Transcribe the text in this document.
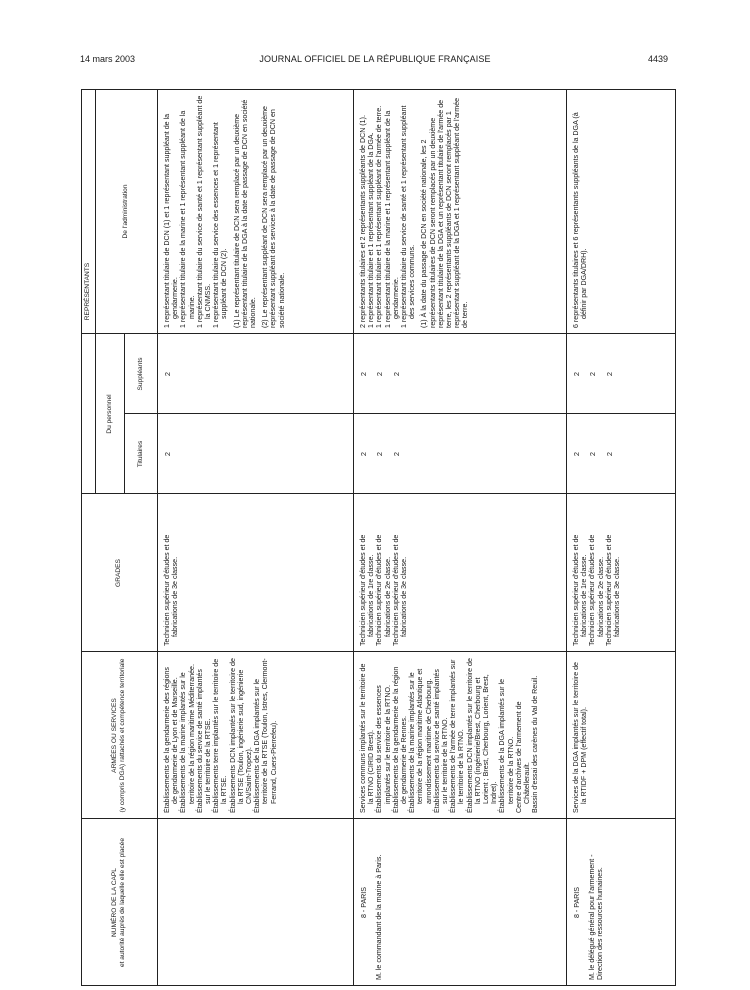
14 mars 2003	JOURNAL OFFICIEL DE LA RÉPUBLIQUE FRANÇAISE	4439
NUMÉRO DE LA CAPL et autorité auprès de laquelle elle est placée
ARMÉES OU SERVICES (y compris DGA) rattachés et compétence territoriale
GRADES
REPRÉSENTANTS
Du personnel
Titulaires
Suppléants
De l'administration
Établissements de la gendarmerie des régions de gendarmerie de Lyon et de Marseille. Établissements de la marine implantés sur le territoire de la région maritime Méditerranée. Établissements du service de santé implantés sur le territoire de la RTSE. Établissements terre implantés sur le territoire de la RTSE. Établissements DCN implantés sur le territoire de la RTSE (Toulon, ingénierie sud, ingénierie CN/Saint-Tropez). Établissements de la DGA implantés sur le territoire de la RTSE (Toulon, Istres, Clermont-Ferrand, Cuers-Pierrefeu).
Technicien supérieur d'études et de fabrications de 3e classe.
2
2
1 représentant titulaire de DCN (1) et 1 représentant suppléant de la gendarmerie. 1 représentant titulaire de la marine et 1 représentant suppléant de la marine. 1 représentant titulaire du service de santé et 1 représentant suppléant de la CNMSS. 1 représentant titulaire du service des essences et 1 représentant suppléant de DCN (2). (1) Le représentant titulaire de DCN sera remplacé par un deuxième représentant titulaire de la DGA à la date de passage de DCN en société nationale. (2) Le représentant suppléant de DCN sera remplacé par un deuxième représentant suppléant des services à la date de passage de DCN en société nationale.
8 - PARIS M. le commandant de la marine à Paris.
Services communs implantés sur le territoire de la RTNO (CIRID Brest). Établissements du service des essences implantés sur le territoire de la RTNO. Établissements de la gendarmerie de la région de gendarmerie de Rennes. Établissements de la marine implantés sur le territoire de la région maritime Atlantique et arrondissement maritime de Cherbourg. Établissements du service de santé implantés sur le territoire de la RTNO. Établissements de l'armée de terre implantés sur le territoire de la RTNO. Établissements DCN implantés sur le territoire de la RTNO (ingénierie/Brest, Cherbourg et Lorient ; Brest, Cherbourg, Lorient, Brest, Indret). Établissements de la DGA implantés sur le territoire de la RTNO. Centre d'archives de l'armement de Châtellerault. Bassin d'essai des carènes du Val de Reuil.
Technicien supérieur d'études et de fabrications de 1re classe. Technicien supérieur d'études et de fabrications de 2e classe. Technicien supérieur d'études et de fabrications de 3e classe.
2 2 2
2 2 2
2 représentants titulaires et 2 représentants suppléants de DCN (1). 1 représentant titulaire et 1 représentant suppléant de la DGA. 1 représentant titulaire et 1 représentant suppléant de l'armée de terre. 1 représentant titulaire de la marine et 1 représentant suppléant de la gendarmerie. 1 représentant titulaire du service de santé et 1 représentant suppléant des services communs. (1) À la date du passage de DCN en société nationale, les 2 représentants titulaires de DCN seront remplacés par un deuxième représentant titulaire de la DGA et un représentant titulaire de l'armée de terre, les 2 représentants suppléants de DCN seront remplacés par 1 représentant suppléant de la DGA et 1 représentant suppléant de l'armée de terre.
8 - PARIS M. le délégué général pour l'armement - Direction des ressources humaines.
Services de la DGA implantés sur le territoire de la RTIDF + DPM (effectif total).
Technicien supérieur d'études et de fabrications de 1re classe. Technicien supérieur d'études et de fabrications de 2e classe. Technicien supérieur d'études et de fabrications de 3e classe.
2 2 2
2 2 2
6 représentants titulaires et 6 représentants suppléants de la DGA (à définir par DGA/DRH).
